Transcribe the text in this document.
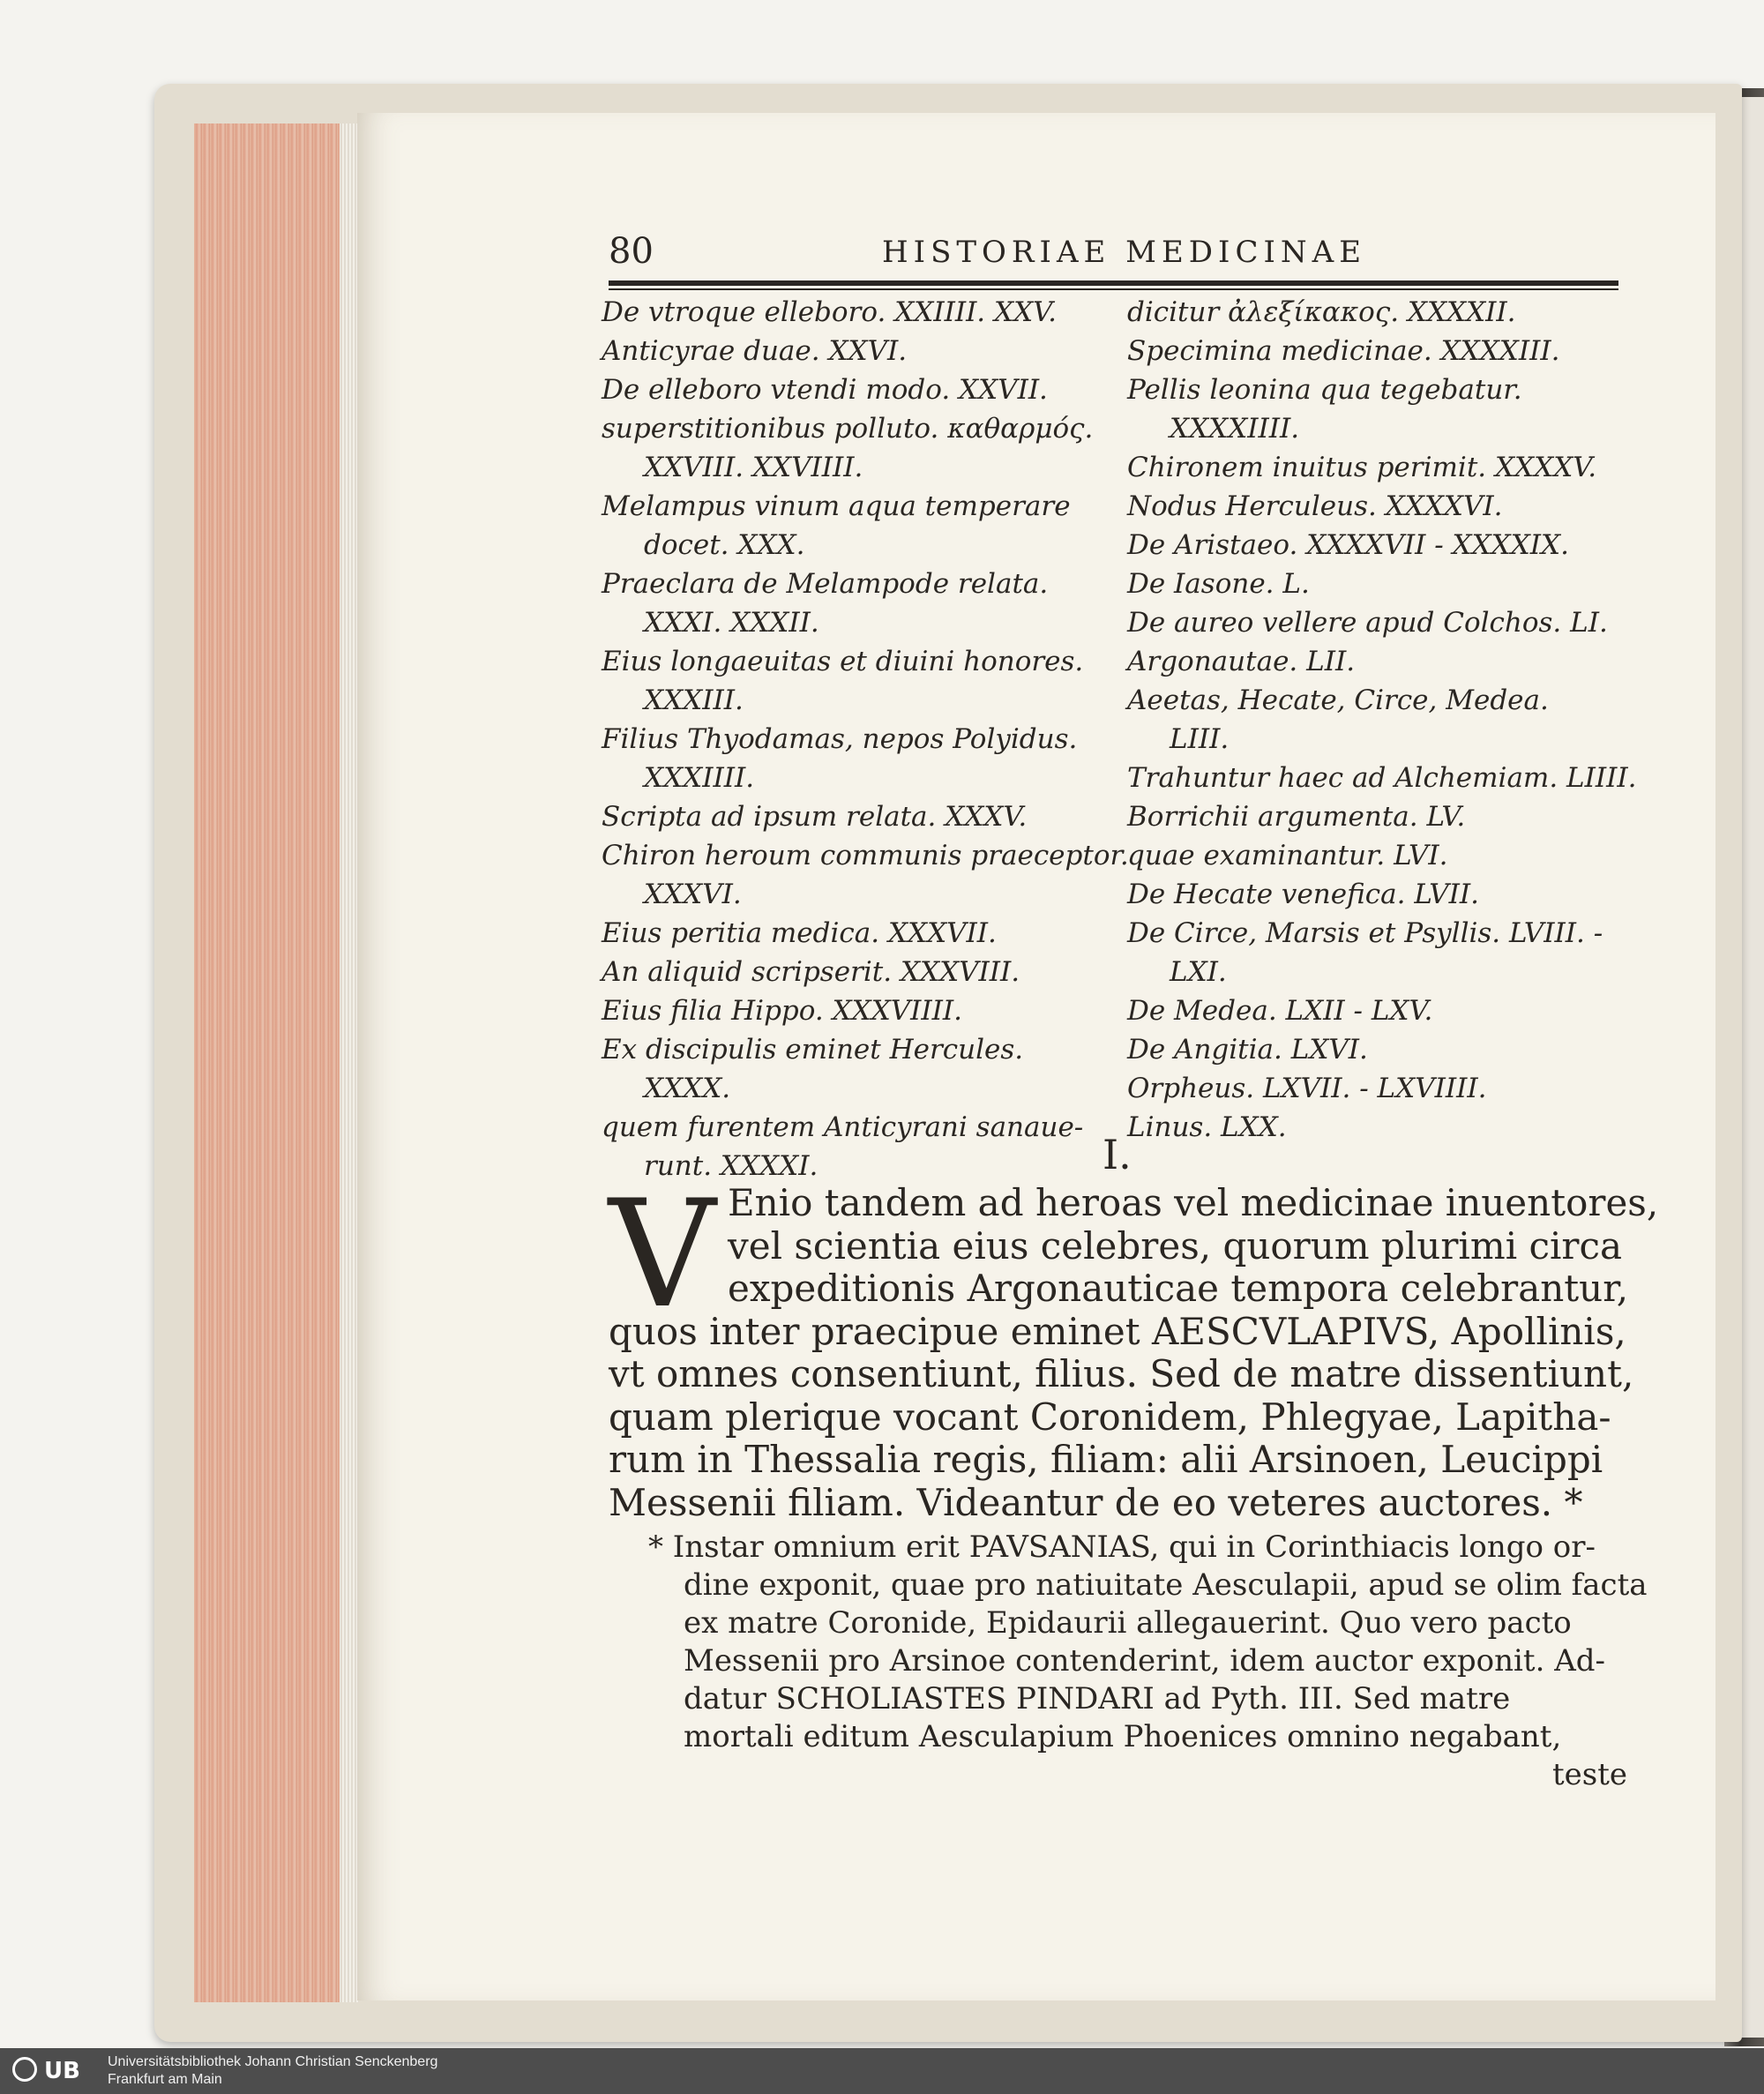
80	HISTORIAE MEDICINAE
De vtroque elleboro. XXIIII. XXV.
Anticyrae duae. XXVI.
De elleboro vtendi modo. XXVII.
superstitionibus polluto. καθαρμός.
XXVIII. XXVIIII.
Melampus vinum aqua temperare
docet. XXX.
Praeclara de Melampode relata.
XXXI. XXXII.
Eius longaeuitas et diuini honores.
XXXIII.
Filius Thyodamas, nepos Polyidus.
XXXIIII.
Scripta ad ipsum relata. XXXV.
Chiron heroum communis praeceptor.
XXXVI.
Eius peritia medica. XXXVII.
An aliquid scripserit. XXXVIII.
Eius filia Hippo. XXXVIIII.
Ex discipulis eminet Hercules.
XXXX.
quem furentem Anticyrani sanaue-
runt. XXXXI.
dicitur ἀλεξίκακος. XXXXII.
Specimina medicinae. XXXXIII.
Pellis leonina qua tegebatur.
XXXXIIII.
Chironem inuitus perimit. XXXXV.
Nodus Herculeus. XXXXVI.
De Aristaeo. XXXXVII - XXXXIX.
De Iasone. L.
De aureo vellere apud Colchos. LI.
Argonautae. LII.
Aeetas, Hecate, Circe, Medea.
LIII.
Trahuntur haec ad Alchemiam. LIIII.
Borrichii argumenta. LV.
quae examinantur. LVI.
De Hecate venefica. LVII.
De Circe, Marsis et Psyllis. LVIII. -
LXI.
De Medea. LXII - LXV.
De Angitia. LXVI.
Orpheus. LXVII. - LXVIIII.
Linus. LXX.
I.
V Enio tandem ad heroas vel medicinae inuentores,
vel scientia eius celebres, quorum plurimi circa
expeditionis Argonauticae tempora celebrantur,
quos inter praecipue eminet AESCVLAPIVS, Apollinis,
vt omnes consentiunt, filius. Sed de matre dissentiunt,
quam plerique vocant Coronidem, Phlegyae, Lapitha-
rum in Thessalia regis, filiam: alii Arsinoen, Leucippi
Messenii filiam. Videantur de eo veteres auctores. *
* Instar omnium erit PAVSANIAS, qui in Corinthiacis longo or-
dine exponit, quae pro natiuitate Aesculapii, apud se olim facta
ex matre Coronide, Epidaurii allegauerint. Quo vero pacto
Messenii pro Arsinoe contenderint, idem auctor exponit. Ad-
datur SCHOLIASTES PINDARI ad Pyth. III. Sed matre
mortali editum Aesculapium Phoenices omnino negabant,
teste
UB	Universitätsbibliothek Johann Christian Senckenberg
Frankfurt am Main
